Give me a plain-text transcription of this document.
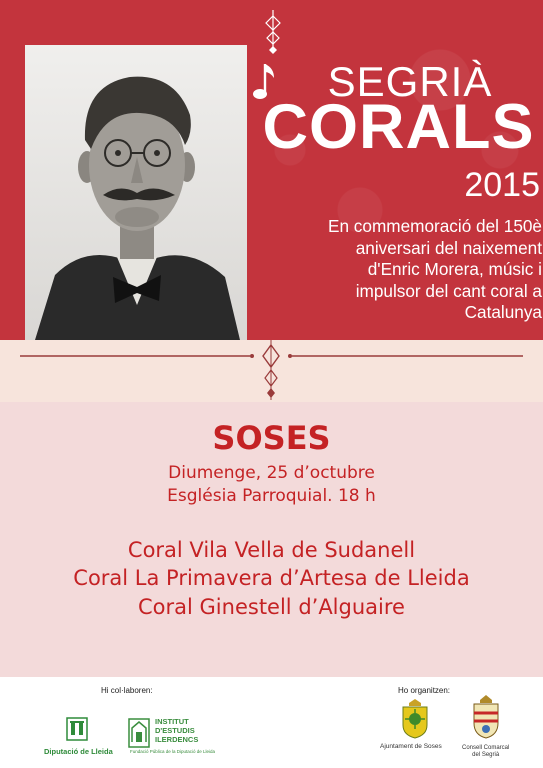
SEGRIÀ
CORALS
2015
En commemoració del 150è
aniversari del naixement
d'Enric Morera, músic i
impulsor del cant coral a
Catalunya
SOSES
Diumenge, 25 d’octubre
Església Parroquial. 18 h
Coral Vila Vella de Sudanell
Coral La Primavera d’Artesa de Lleida
Coral Ginestell d’Alguaire
Hi col·laboren:	Ho organitzen:
Diputació de Lleida
INSTITUT
D'ESTUDIS
ILERDENCS
Fundació Pública de la Diputació de Lleida
Ajuntament de Soses	Consell Comarcal
del Segrià
